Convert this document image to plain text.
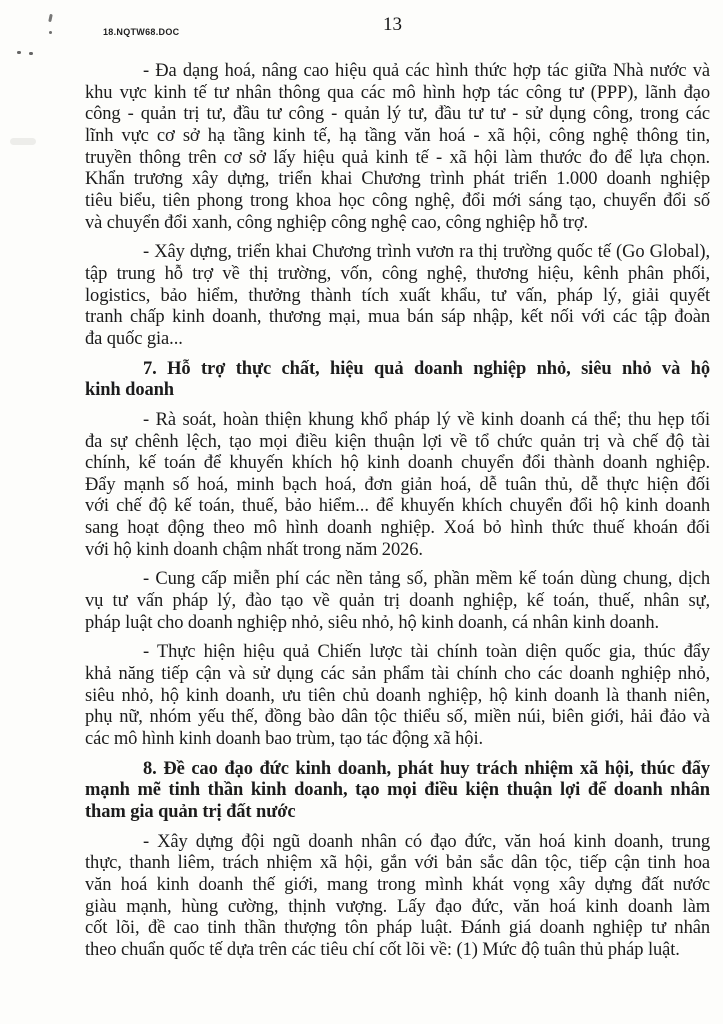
18.NQTW68.DOC	13
- Đa dạng hoá, nâng cao hiệu quả các hình thức hợp tác giữa Nhà nước và
khu vực kinh tế tư nhân thông qua các mô hình hợp tác công tư (PPP), lãnh đạo
công - quản trị tư, đầu tư công - quản lý tư, đầu tư tư - sử dụng công, trong các
lĩnh vực cơ sở hạ tầng kinh tế, hạ tầng văn hoá - xã hội, công nghệ thông tin,
truyền thông trên cơ sở lấy hiệu quả kinh tế - xã hội làm thước đo để lựa chọn.
Khẩn trương xây dựng, triển khai Chương trình phát triển 1.000 doanh nghiệp
tiêu biểu, tiên phong trong khoa học công nghệ, đổi mới sáng tạo, chuyển đổi số
và chuyển đổi xanh, công nghiệp công nghệ cao, công nghiệp hỗ trợ.
- Xây dựng, triển khai Chương trình vươn ra thị trường quốc tế (Go Global),
tập trung hỗ trợ về thị trường, vốn, công nghệ, thương hiệu, kênh phân phối,
logistics, bảo hiểm, thưởng thành tích xuất khẩu, tư vấn, pháp lý, giải quyết
tranh chấp kinh doanh, thương mại, mua bán sáp nhập, kết nối với các tập đoàn
đa quốc gia...
7. Hỗ trợ thực chất, hiệu quả doanh nghiệp nhỏ, siêu nhỏ và hộ
kinh doanh
- Rà soát, hoàn thiện khung khổ pháp lý về kinh doanh cá thể; thu hẹp tối
đa sự chênh lệch, tạo mọi điều kiện thuận lợi về tổ chức quản trị và chế độ tài
chính, kế toán để khuyến khích hộ kinh doanh chuyển đổi thành doanh nghiệp.
Đẩy mạnh số hoá, minh bạch hoá, đơn giản hoá, dễ tuân thủ, dễ thực hiện đối
với chế độ kế toán, thuế, bảo hiểm... để khuyến khích chuyển đổi hộ kinh doanh
sang hoạt động theo mô hình doanh nghiệp. Xoá bỏ hình thức thuế khoán đối
với hộ kinh doanh chậm nhất trong năm 2026.
- Cung cấp miễn phí các nền tảng số, phần mềm kế toán dùng chung, dịch
vụ tư vấn pháp lý, đào tạo về quản trị doanh nghiệp, kế toán, thuế, nhân sự,
pháp luật cho doanh nghiệp nhỏ, siêu nhỏ, hộ kinh doanh, cá nhân kinh doanh.
- Thực hiện hiệu quả Chiến lược tài chính toàn diện quốc gia, thúc đẩy
khả năng tiếp cận và sử dụng các sản phẩm tài chính cho các doanh nghiệp nhỏ,
siêu nhỏ, hộ kinh doanh, ưu tiên chủ doanh nghiệp, hộ kinh doanh là thanh niên,
phụ nữ, nhóm yếu thế, đồng bào dân tộc thiểu số, miền núi, biên giới, hải đảo và
các mô hình kinh doanh bao trùm, tạo tác động xã hội.
8. Đề cao đạo đức kinh doanh, phát huy trách nhiệm xã hội, thúc đẩy
mạnh mẽ tinh thần kinh doanh, tạo mọi điều kiện thuận lợi để doanh nhân
tham gia quản trị đất nước
- Xây dựng đội ngũ doanh nhân có đạo đức, văn hoá kinh doanh, trung
thực, thanh liêm, trách nhiệm xã hội, gắn với bản sắc dân tộc, tiếp cận tinh hoa
văn hoá kinh doanh thế giới, mang trong mình khát vọng xây dựng đất nước
giàu mạnh, hùng cường, thịnh vượng. Lấy đạo đức, văn hoá kinh doanh làm
cốt lõi, đề cao tinh thần thượng tôn pháp luật. Đánh giá doanh nghiệp tư nhân
theo chuẩn quốc tế dựa trên các tiêu chí cốt lõi về: (1) Mức độ tuân thủ pháp luật.
